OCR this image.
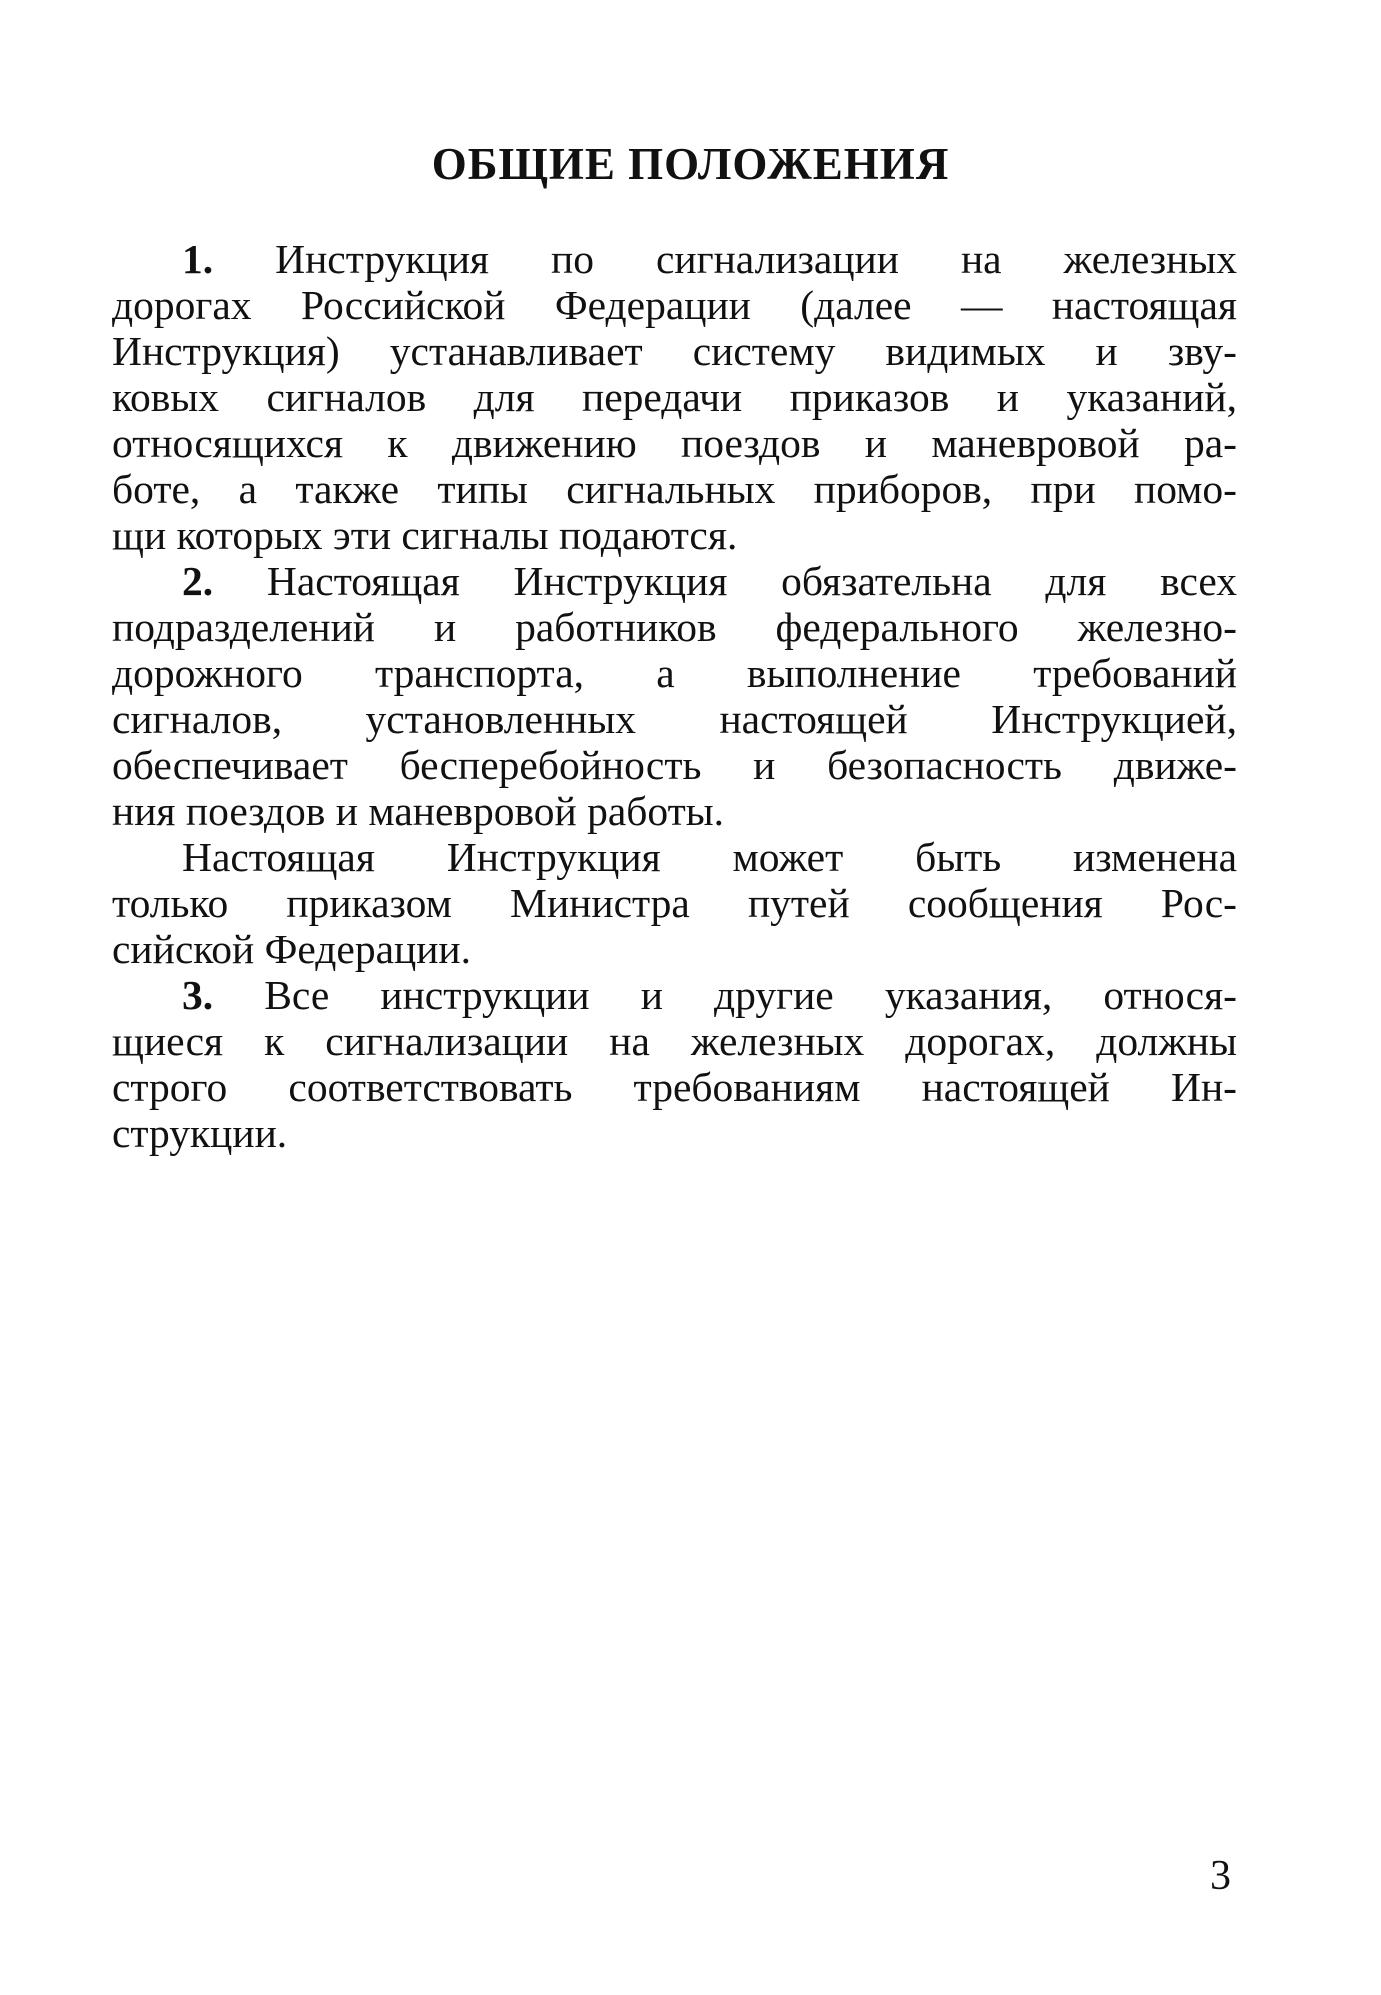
ОБЩИЕ ПОЛОЖЕНИЯ
1. Инструкция по сигнализации на железных
дорогах Российской Федерации (далее — настоящая
Инструкция) устанавливает систему видимых и зву-
ковых сигналов для передачи приказов и указаний,
относящихся к движению поездов и маневровой ра-
боте, а также типы сигнальных приборов, при помо-
щи которых эти сигналы подаются.
2. Настоящая Инструкция обязательна для всех
подразделений и работников федерального железно-
дорожного транспорта, а выполнение требований
сигналов, установленных настоящей Инструкцией,
обеспечивает бесперебойность и безопасность движе-
ния поездов и маневровой работы.
Настоящая Инструкция может быть изменена
только приказом Министра путей сообщения Рос-
сийской Федерации.
3. Все инструкции и другие указания, относя-
щиеся к сигнализации на железных дорогах, должны
строго соответствовать требованиям настоящей Ин-
струкции.
3
